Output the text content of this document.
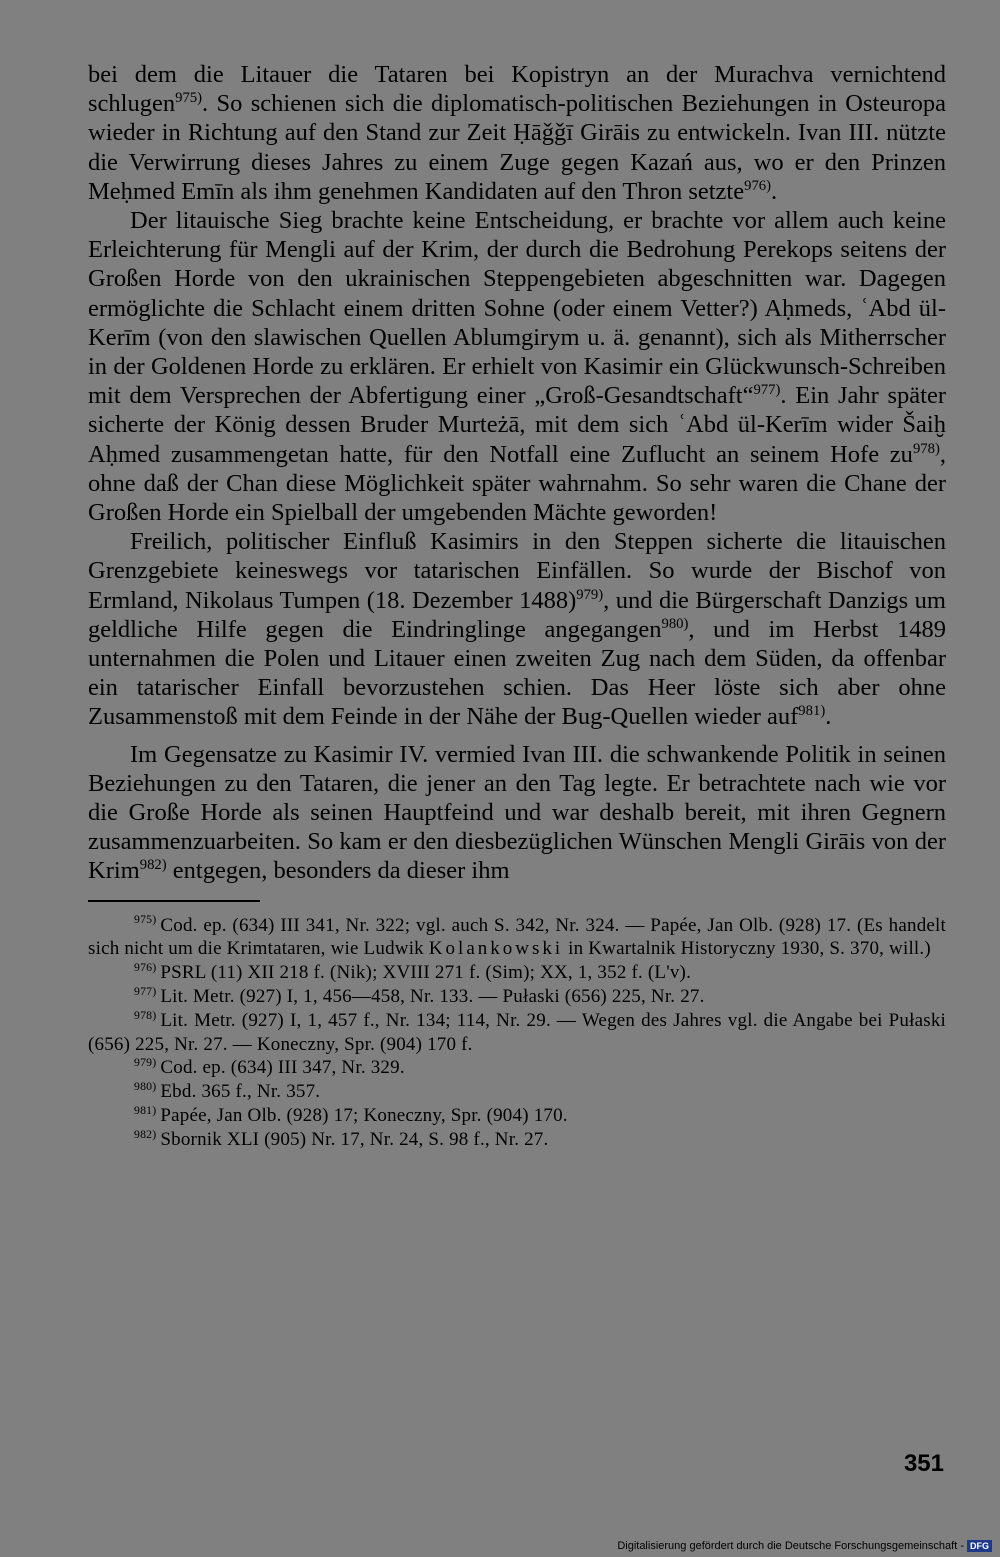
bei dem die Litauer die Tataren bei Kopistryn an der Murachva vernichtend schlugen$^{975)}$. So schienen sich die diplomatisch-politischen Beziehungen in Osteuropa wieder in Richtung auf den Stand zur Zeit Ḥāǧǧī Girāis zu entwickeln. Ivan III. nützte die Verwirrung dieses Jahres zu einem Zuge gegen Kazań aus, wo er den Prinzen Meḥmed Emīn als ihm genehmen Kandidaten auf den Thron setzte$^{976)}$.

Der litauische Sieg brachte keine Entscheidung, er brachte vor allem auch keine Erleichterung für Mengli auf der Krim, der durch die Bedrohung Perekops seitens der Großen Horde von den ukrainischen Steppengebieten abgeschnitten war. Dagegen ermöglichte die Schlacht einem dritten Sohne (oder einem Vetter?) Aḥmeds, ʿAbd ül-Kerīm (von den slawischen Quellen Ablumgirym u. ä. genannt), sich als Mitherrscher in der Goldenen Horde zu erklären. Er erhielt von Kasimir ein Glückwunsch-Schreiben mit dem Versprechen der Abfertigung einer „Groß-Gesandtschaft“$^{977)}$. Ein Jahr später sicherte der König dessen Bruder Murteżā, mit dem sich ʿAbd ül-Kerīm wider Šaiḫ Aḥmed zusammengetan hatte, für den Notfall eine Zuflucht an seinem Hofe $zu^{978)}$, ohne daß der Chan diese Möglichkeit später wahrnahm. So sehr waren die Chane der Großen Horde ein Spielball der umgebenden Mächte geworden!

Freilich, politischer Einfluß Kasimirs in den Steppen sicherte die litauischen Grenzgebiete keineswegs vor tatarischen Einfällen. So wurde der Bischof von Ermland, Nikolaus Tumpen (18. Dezember 1488)$^{979)}$, und die Bürgerschaft Danzigs um geldliche Hilfe gegen die Eindringlinge angegangen$^{980)}$, und im Herbst 1489 unternahmen die Polen und Litauer einen zweiten Zug nach dem Süden, da offenbar ein tatarischer Einfall bevorzustehen schien. Das Heer löste sich aber ohne Zusammenstoß mit dem Feinde in der Nähe der Bug-Quellen wieder auf$^{981)}$.

Im Gegensatze zu Kasimir IV. vermied Ivan III. die schwankende Politik in seinen Beziehungen zu den Tataren, die jener an den Tag legte. Er betrachtete nach wie vor die Große Horde als seinen Hauptfeind und war deshalb bereit, mit ihren Gegnern zusammenzuarbeiten. So kam er den diesbezüglichen Wünschen Mengli Girāis von der Krim$^{982)}$ entgegen, besonders da dieser ihm

$^{975)}$ Cod. ep. (634) III 341, Nr. 322; vgl. auch S. 342, Nr. 324. — Papée, Jan Olb. (928) 17. (Es handelt sich nicht um die Krimtataren, wie Ludwik Kolankowski in Kwartalnik Historyczny 1930, S. 370, will.)

$^{976)}$ PSRL (11) XII 218 f. (Nik); XVIII 271 f. (Sim); XX, 1, 352 f. (L'v).

$^{977)}$ Lit. Metr. (927) I, 1, 456—458, Nr. 133. — Pułaski (656) 225, Nr. 27.

$^{978)}$ Lit. Metr. (927) I, 1, 457 f., Nr. 134; 114, Nr. 29. — Wegen des Jahres vgl. die Angabe bei Pułaski (656) 225, Nr. 27. — Koneczny, Spr. (904) 170 f.

$^{979)}$ Cod. ep. (634) III 347, Nr. 329.

$^{980)}$ Ebd. 365 f., Nr. 357.

$^{981)}$ Papée, Jan Olb. (928) 17; Koneczny, Spr. (904) 170.

$^{982)}$ Sbornik XLI (905) Nr. 17, Nr. 24, S. 98 f., Nr. 27.

351
Digitalisierung gefördert durch die Deutsche Forschungsgemeinschaft - DFG
